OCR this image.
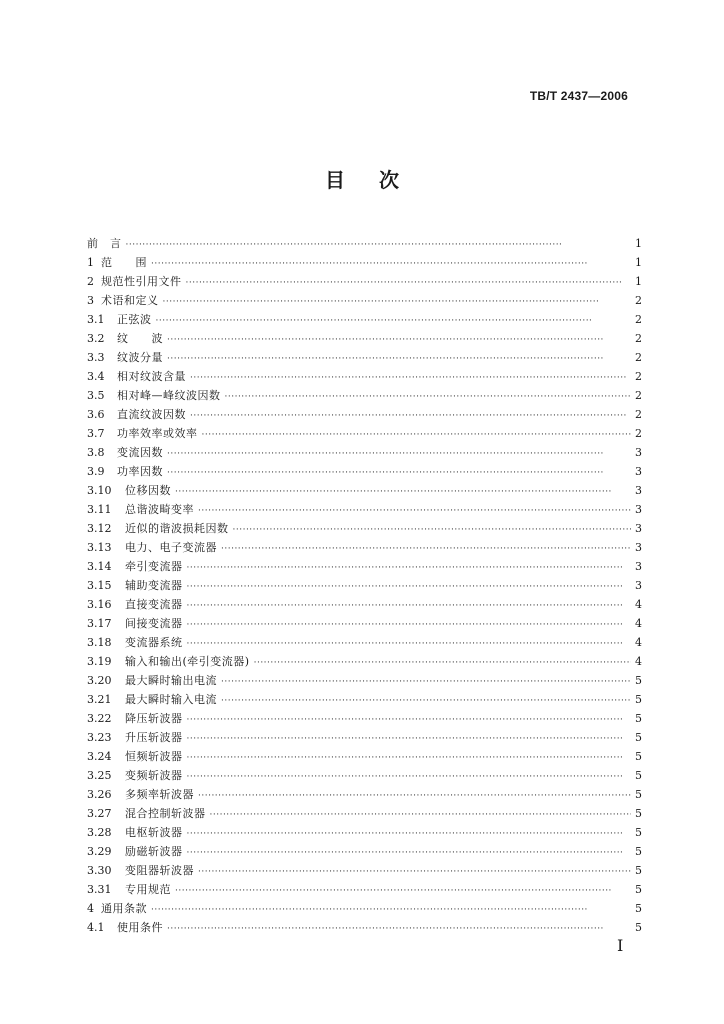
TB/T 2437—2006
目 次
前　言 ·····	1
1 范　　围 ·····	1
2 规范性引用文件 ·····	1
3 术语和定义 ·····	2
3.1	正弦波 ·····	2
3.2	纹　　波 ·····	2
3.3	纹波分量 ·····	2
3.4	相对纹波含量 ·····	2
3.5	相对峰—峰纹波因数 ·····	2
3.6	直流纹波因数 ·····	2
3.7	功率效率或效率 ·····	2
3.8	变流因数 ·····	3
3.9	功率因数 ·····	3
3.10	位移因数 ·····	3
3.11	总谐波畸变率 ·····	3
3.12	近似的谐波损耗因数 ·····	3
3.13	电力、电子变流器 ·····	3
3.14	牵引变流器 ·····	3
3.15	辅助变流器 ·····	3
3.16	直接变流器 ·····	4
3.17	间接变流器 ·····	4
3.18	变流器系统 ·····	4
3.19	输入和输出(牵引变流器) ·····	4
3.20	最大瞬时输出电流 ·····	5
3.21	最大瞬时输入电流 ·····	5
3.22	降压斩波器 ·····	5
3.23	升压斩波器 ·····	5
3.24	恒频斩波器 ·····	5
3.25	变频斩波器 ·····	5
3.26	多频率斩波器 ·····	5
3.27	混合控制斩波器 ·····	5
3.28	电枢斩波器 ·····	5
3.29	励磁斩波器 ·····	5
3.30	变阻器斩波器 ·····	5
3.31	专用规范 ·····	5
4 通用条款 ·····	5
4.1	使用条件 ·····	5
I
